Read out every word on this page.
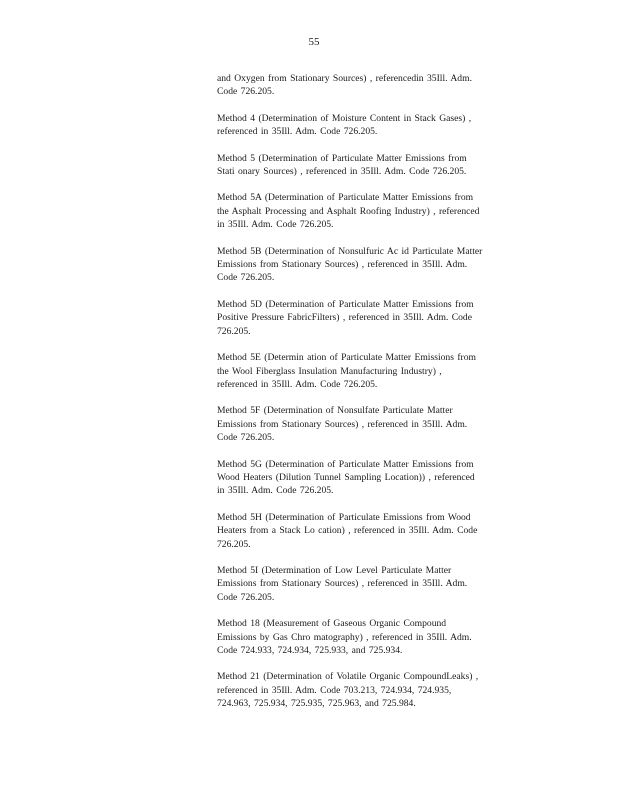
55

and Oxygen from Stationary Sources) , referencedin 35Ill. Adm.
Code 726.205.

Method 4 (Determination of Moisture Content in Stack Gases) ,
referenced in 35Ill. Adm. Code 726.205.

Method 5 (Determination of Particulate Matter Emissions from
Stati onary Sources) , referenced in 35Ill. Adm. Code 726.205.

Method 5A (Determination of Particulate Matter Emissions from
the Asphalt Processing and Asphalt Roofing Industry) , referenced
in 35Ill. Adm. Code 726.205.

Method 5B (Determination of Nonsulfuric Ac id Particulate Matter
Emissions from Stationary Sources) , referenced in 35Ill. Adm.
Code 726.205.

Method 5D (Determination of Particulate Matter Emissions from
Positive Pressure FabricFilters) , referenced in 35Ill. Adm. Code
726.205.

Method 5E (Determin ation of Particulate Matter Emissions from
the Wool Fiberglass Insulation Manufacturing Industry) ,
referenced in 35Ill. Adm. Code 726.205.

Method 5F (Determination of Nonsulfate Particulate Matter
Emissions from Stationary Sources) , referenced in 35Ill. Adm.
Code 726.205.

Method 5G (Determination of Particulate Matter Emissions from
Wood Heaters (Dilution Tunnel Sampling Location)) , referenced
in 35Ill. Adm. Code 726.205.

Method 5H (Determination of Particulate Emissions from Wood
Heaters from a Stack Lo cation) , referenced in 35Ill. Adm. Code
726.205.

Method 5I (Determination of Low Level Particulate Matter
Emissions from Stationary Sources) , referenced in 35Ill. Adm.
Code 726.205.

Method 18 (Measurement of Gaseous Organic Compound
Emissions by Gas Chro matography) , referenced in 35Ill. Adm.
Code 724.933, 724.934, 725.933, and 725.934.

Method 21 (Determination of Volatile Organic CompoundLeaks) ,
referenced in 35Ill. Adm. Code 703.213, 724.934, 724.935,
724.963, 725.934, 725.935, 725.963, and 725.984.
